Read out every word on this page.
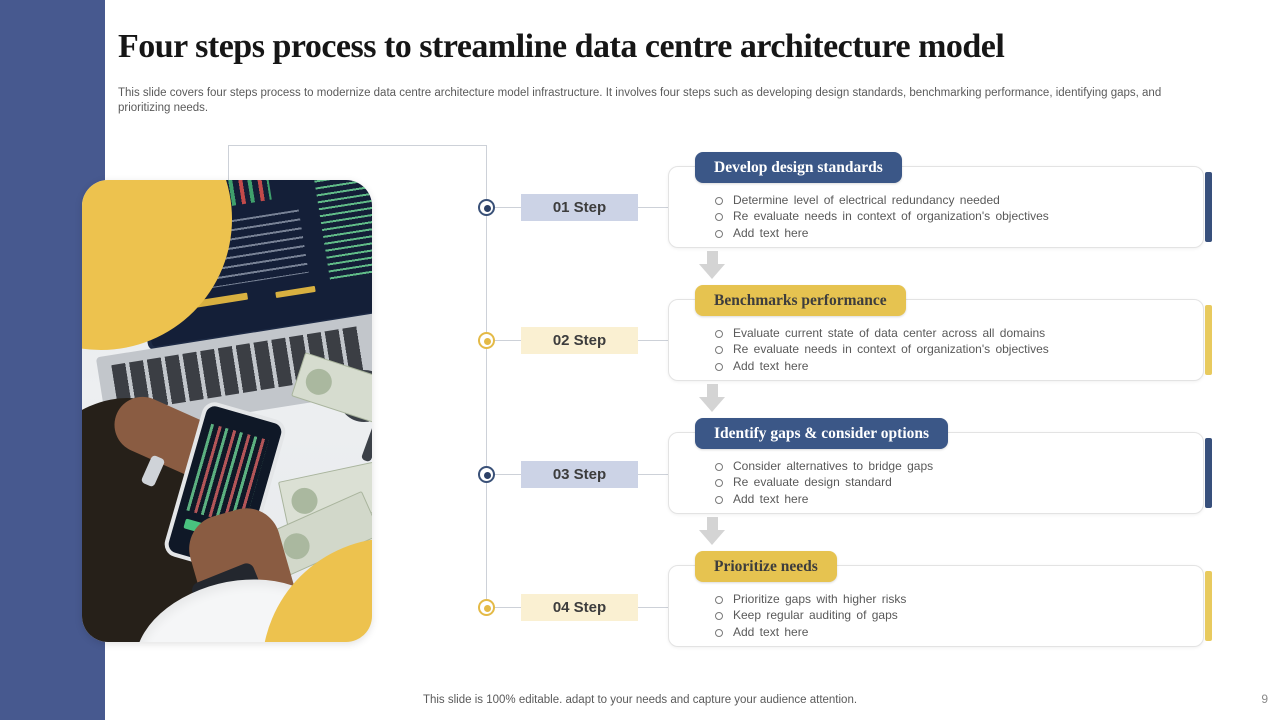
Four steps process to streamline data centre architecture model

This slide covers four steps process to modernize data centre architecture model infrastructure. It involves four steps such as developing design standards, benchmarking performance, identifying gaps, and prioritizing needs.

01 Step
Develop design standards
Determine level of electrical redundancy needed
Re evaluate needs in context of organization's objectives
Add text here
02 Step
Benchmarks performance
Evaluate current state of data center across all domains
Re evaluate needs in context of organization's objectives
Add text here
03 Step
Identify gaps & consider options
Consider alternatives to bridge gaps
Re evaluate design standard
Add text here
04 Step
Prioritize needs
Prioritize gaps with higher risks
Keep regular auditing of gaps
Add text here
This slide is 100% editable. adapt to your needs and capture your audience attention.	9
